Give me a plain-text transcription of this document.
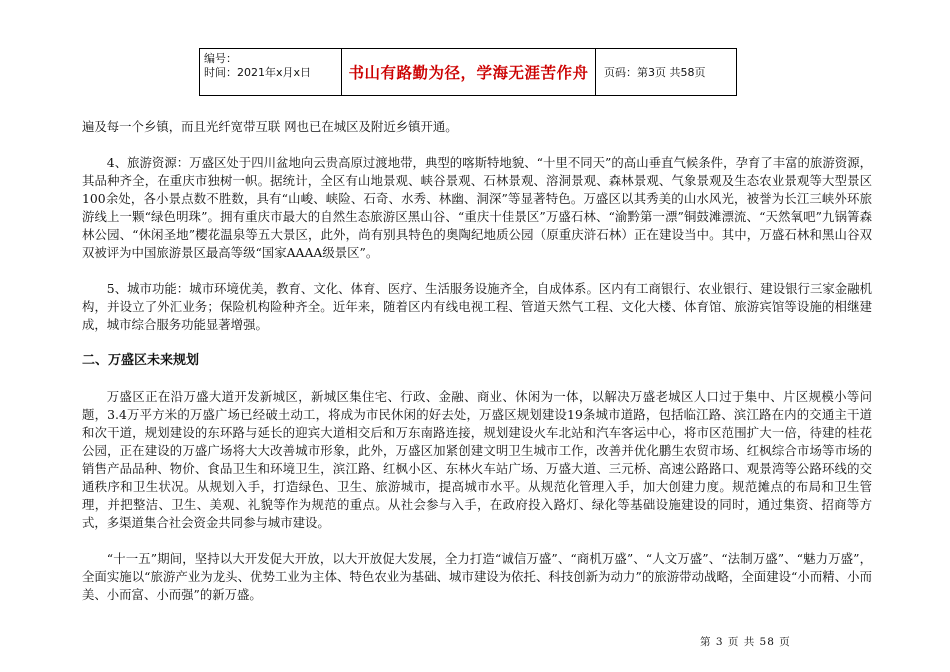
编号：
时间：2021年x月x日	书山有路勤为径，学海无涯苦作舟	页码：第3页 共58页

遍及每一个乡镇，而且光纤宽带互联 网也已在城区及附近乡镇开通。

4、旅游资源：万盛区处于四川盆地向云贵高原过渡地带，典型的喀斯特地貌、“十里不同天”的高山垂直气候条件，孕育了丰富的旅游资源，其品种齐全，在重庆市独树一帜。据统计，全区有山地景观、峡谷景观、石林景观、溶洞景观、森林景观、气象景观及生态农业景观等大型景区100余处，各小景点数不胜数，具有“山峻、峡险、石奇、水秀、林幽、洞深”等显著特色。万盛区以其秀美的山水风光，被誉为长江三峡外环旅游线上一颗“绿色明珠”。拥有重庆市最大的自然生态旅游区黑山谷、“重庆十佳景区”万盛石林、“渝黔第一漂”铜鼓滩漂流、“天然氧吧”九锅箐森林公园、“休闲圣地”樱花温泉等五大景区，此外，尚有别具特色的奥陶纪地质公园（原重庆浒石林）正在建设当中。其中，万盛石林和黑山谷双双被评为中国旅游景区最高等级“国家AAAA级景区”。

5、城市功能：城市环境优美，教育、文化、体育、医疗、生活服务设施齐全，自成体系。区内有工商银行、农业银行、建设银行三家金融机构，并设立了外汇业务；保险机构险种齐全。近年来，随着区内有线电视工程、管道天然气工程、文化大楼、体育馆、旅游宾馆等设施的相继建成，城市综合服务功能显著增强。

二、万盛区未来规划

万盛区正在沿万盛大道开发新城区，新城区集住宅、行政、金融、商业、休闲为一体，以解决万盛老城区人口过于集中、片区规模小等问题，3.4万平方米的万盛广场已经破土动工，将成为市民休闲的好去处，万盛区规划建设19条城市道路，包括临江路、滨江路在内的交通主干道和次干道，规划建设的东环路与延长的迎宾大道相交后和万东南路连接，规划建设火车北站和汽车客运中心，将市区范围扩大一倍，待建的桂花公园，正在建设的万盛广场将大大改善城市形象，此外，万盛区加紧创建文明卫生城市工作，改善并优化鹏生农贸市场、红枫综合市场等市场的销售产品品种、物价、食品卫生和环境卫生，滨江路、红枫小区、东林火车站广场、万盛大道、三元桥、高速公路路口、观景湾等公路环线的交通秩序和卫生状况。从规划入手，打造绿色、卫生、旅游城市，提高城市水平。从规范化管理入手，加大创建力度。规范摊点的布局和卫生管理，并把整洁、卫生、美观、礼貌等作为规范的重点。从社会参与入手，在政府投入路灯、绿化等基础设施建设的同时，通过集资、招商等方式，多渠道集合社会资金共同参与城市建设。

“十一五”期间，坚持以大开发促大开放，以大开放促大发展，全力打造“诚信万盛”、“商机万盛”、“人文万盛”、“法制万盛”、“魅力万盛”，全面实施以“旅游产业为龙头、优势工业为主体、特色农业为基础、城市建设为依托、科技创新为动力”的旅游带动战略，全面建设“小而精、小而美、小而富、小而强”的新万盛。

第 3 页 共 58 页
